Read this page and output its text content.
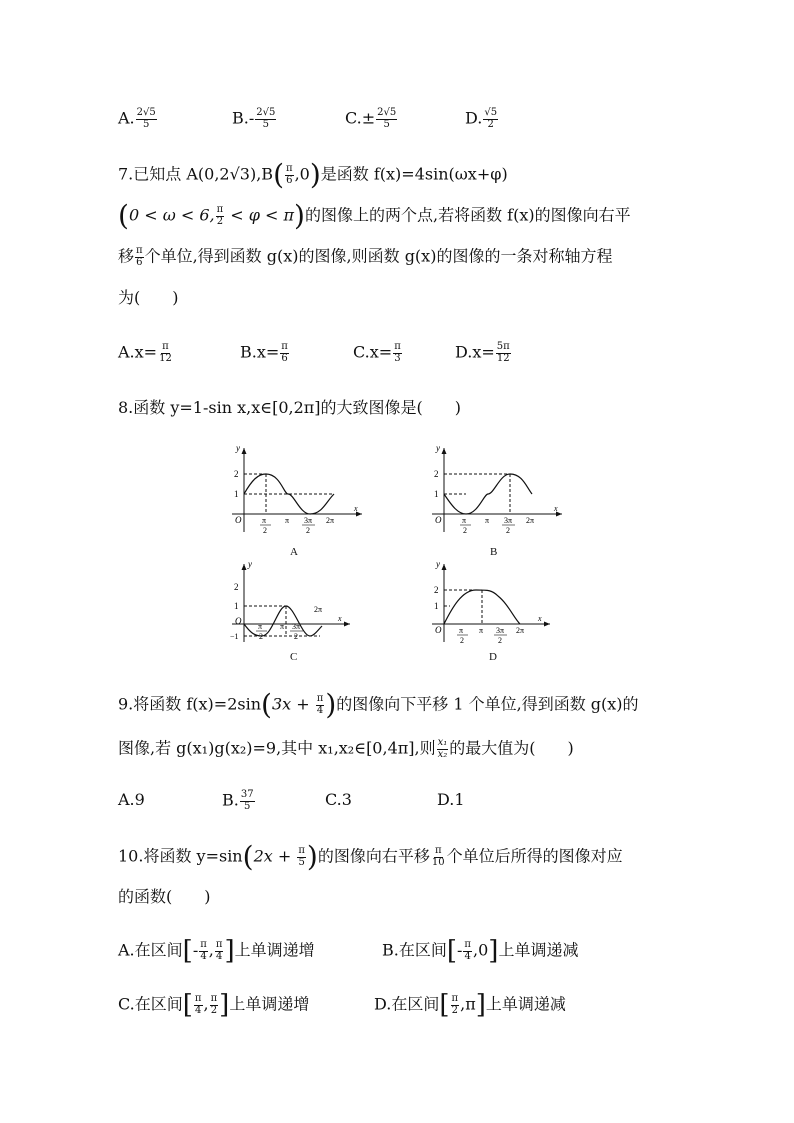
A. $\frac{2√5}{5}$	$B.- \frac{2√5}{5}$	$C.\pm \frac{2√5}{5}$	D. $\frac{√5}{2}$
7.已知点 $A(0,2√3),B( \frac{\pi}{6} ,0)$是函数 f(x)=4sin(ωx+φ)
(0 < ω < 6, $\frac{\pi}{2} < \varphi < \pi$)的图像上的两个点,若将函数 f(x)的图像向右平
移 $\frac{\pi}{6}$ 个单位,得到函数 g(x)的图像,则函数 g(x)的图像的一条对称轴方程
为(　　)
$A.x= \frac{\pi}{12}$	$B.x= \frac{\pi}{6}$	$C.x= \frac{\pi}{3}$	$D.x= \frac{5\pi}{12}$
8.函数 y=1-sin x,x∈[0,2π]的大致图像是(　　)
y
2
1
O	π
2
π 3π
2
2π
x
A
y
2
1
O	π
2
π 3π
2
2π
x
B
y
2
1
O
−1
π
2
π 3π
2
2π
x
C
y
2
1
O π
2
π 3π
2
2π
x
D
9.将函数 $f(x)=2\sin(3x + \frac{\pi}{4}$ )的图像向下平移 1 个单位,得到函数 g(x)的
图像,若 g(x₁)g(x₂)=9,其中 x₁,x₂∈[0,4π],则 $\frac{\text{x₁}}{\text{x₂}}$ 的最大值为(　　)
A.9	B. $\frac{37}{5}$	C.3	D.1
10.将函数 $y=\sin(2x + \frac{\pi}{5}$ )的图像向右平移 $\frac{\pi}{10}$ 个单位后所得的图像对应
的函数(　　)
A.在区间[- $\frac{\pi}{4}$ , $\frac{\pi}{4}$ ]上单调递增	B.在区间[- $\frac{\pi}{4} ,0$]上单调递减
C.在区间[ $\frac{\pi}{4}$ , $\frac{\pi}{2}$ ]上单调递增	D.在区间[ $\frac{\pi}{2} ,\pi$]上单调递减
